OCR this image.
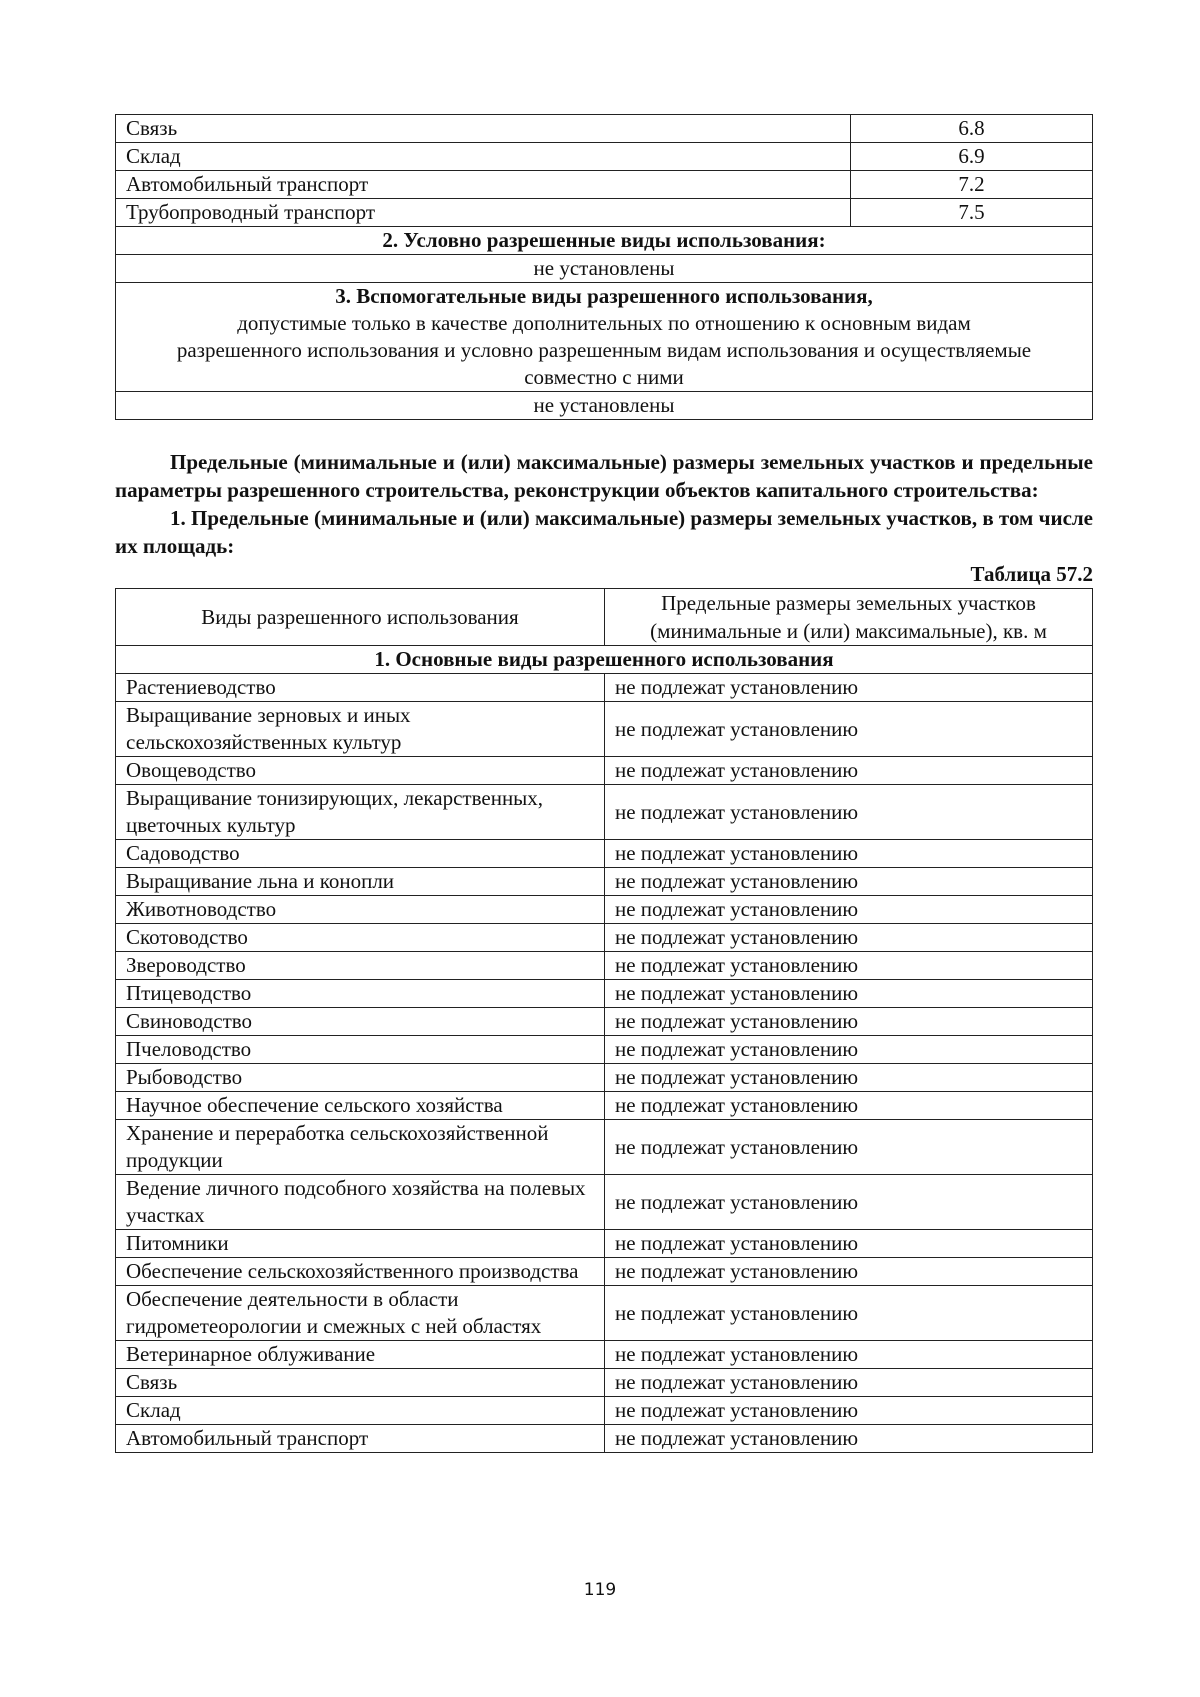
Связь	6.8
Склад	6.9
Автомобильный транспорт	7.2
Трубопроводный транспорт	7.5
2. Условно разрешенные виды использования:	
не установлены	

3. Вспомогательные виды разрешенного использования,
допустимые только в качестве дополнительных по отношению к основным видам разрешенного использования и условно разрешенным видам использования и осуществляемые совместно с ними	

не установлены	

Предельные (минимальные и (или) максимальные) размеры земельных участков и предельные параметры разрешенного строительства, реконструкции объектов капитального строительства:

1. Предельные (минимальные и (или) максимальные) размеры земельных участков, в том числе их площадь:

Таблица 57.2
Виды разрешенного использования	Предельные размеры земельных участков (минимальные и (или) максимальные), кв. м
1. Основные виды разрешенного использования	
Растениеводство	не подлежат установлению
Выращивание зерновых и иных сельскохозяйственных культур	не подлежат установлению
Овощеводство	не подлежат установлению
Выращивание тонизирующих, лекарственных, цветочных культур	не подлежат установлению
Садоводство	не подлежат установлению
Выращивание льна и конопли	не подлежат установлению
Животноводство	не подлежат установлению
Скотоводство	не подлежат установлению
Звероводство	не подлежат установлению
Птицеводство	не подлежат установлению
Свиноводство	не подлежат установлению
Пчеловодство	не подлежат установлению
Рыбоводство	не подлежат установлению
Научное обеспечение сельского хозяйства	не подлежат установлению
Хранение и переработка сельскохозяйственной продукции	не подлежат установлению
Ведение личного подсобного хозяйства на полевых участках	не подлежат установлению
Питомники	не подлежат установлению
Обеспечение сельскохозяйственного производства	не подлежат установлению
Обеспечение деятельности в области гидрометеорологии и смежных с ней областях	не подлежат установлению
Ветеринарное облуживание	не подлежат установлению
Связь	не подлежат установлению
Склад	не подлежат установлению
Автомобильный транспорт	не подлежат установлению
119
